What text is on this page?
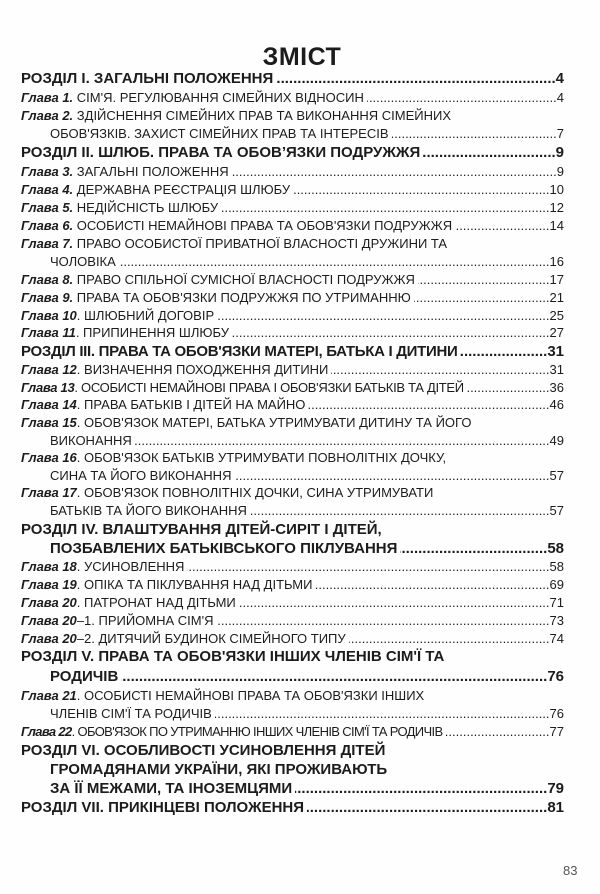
ЗМІСТ
РОЗДІЛ І. ЗАГАЛЬНІ ПОЛОЖЕННЯ .....	4
Глава 1. СІМ'Я. РЕГУЛЮВАННЯ СІМЕЙНИХ ВІДНОСИН .....	4
Глава 2. ЗДІЙСНЕННЯ СІМЕЙНИХ ПРАВ ТА ВИКОНАННЯ СІМЕЙНИХ
ОБОВ'ЯЗКІВ. ЗАХИСТ СІМЕЙНИХ ПРАВ ТА ІНТЕРЕСІВ .....	7
РОЗДІЛ ІІ. ШЛЮБ. ПРАВА ТА ОБОВ’ЯЗКИ ПОДРУЖЖЯ .....	9
Глава 3. ЗАГАЛЬНІ ПОЛОЖЕННЯ .....	9
Глава 4. ДЕРЖАВНА РЕЄСТРАЦІЯ ШЛЮБУ .....	10
Глава 5. НЕДІЙСНІСТЬ ШЛЮБУ .....	12
Глава 6. ОСОБИСТІ НЕМАЙНОВІ ПРАВА ТА ОБОВ'ЯЗКИ ПОДРУЖЖЯ .....	14
Глава 7. ПРАВО ОСОБИСТОЇ ПРИВАТНОЇ ВЛАСНОСТІ ДРУЖИНИ ТА
ЧОЛОВІКА .....	16
Глава 8. ПРАВО СПІЛЬНОЇ СУМІСНОЇ ВЛАСНОСТІ ПОДРУЖЖЯ .....	17
Глава 9. ПРАВА ТА ОБОВ'ЯЗКИ ПОДРУЖЖЯ ПО УТРИМАННЮ .....	21
Глава 10 . ШЛЮБНИЙ ДОГОВІР .....	25
Глава 11 . ПРИПИНЕННЯ ШЛЮБУ .....	27
РОЗДІЛ ІІІ. ПРАВА ТА ОБОВ'ЯЗКИ МАТЕРІ, БАТЬКА І ДИТИНИ .....	31
Глава 12 . ВИЗНАЧЕННЯ ПОХОДЖЕННЯ ДИТИНИ .....	31
Глава 13 . ОСОБИСТІ НЕМАЙНОВІ ПРАВА І ОБОВ'ЯЗКИ БАТЬКІВ ТА ДІТЕЙ .....	36
Глава 14 . ПРАВА БАТЬКІВ І ДІТЕЙ НА МАЙНО .....	46
Глава 15 . ОБОВ'ЯЗОК МАТЕРІ, БАТЬКА УТРИМУВАТИ ДИТИНУ ТА ЙОГО
ВИКОНАННЯ .....	49
Глава 16 . ОБОВ'ЯЗОК БАТЬКІВ УТРИМУВАТИ ПОВНОЛІТНІХ ДОЧКУ,
СИНА ТА ЙОГО ВИКОНАННЯ .....	57
Глава 17 . ОБОВ'ЯЗОК ПОВНОЛІТНІХ ДОЧКИ, СИНА УТРИМУВАТИ
БАТЬКІВ ТА ЙОГО ВИКОНАННЯ .....	57
РОЗДІЛ IV. ВЛАШТУВАННЯ ДІТЕЙ-СИРІТ І ДІТЕЙ,
ПОЗБАВЛЕНИХ БАТЬКІВСЬКОГО ПІКЛУВАННЯ .....	58
Глава 18 . УСИНОВЛЕННЯ .....	58
Глава 19 . ОПІКА ТА ПІКЛУВАННЯ НАД ДІТЬМИ .....	69
Глава 20 . ПАТРОНАТ НАД ДІТЬМИ .....	71
Глава 20 –1. ПРИЙОМНА СІМ'Я .....	73
Глава 20 –2. ДИТЯЧИЙ БУДИНОК СІМЕЙНОГО ТИПУ .....	74
РОЗДІЛ V. ПРАВА ТА ОБОВ'ЯЗКИ ІНШИХ ЧЛЕНІВ СІМ'Ї ТА
РОДИЧІВ .....	76
Глава 21 . ОСОБИСТІ НЕМАЙНОВІ ПРАВА ТА ОБОВ'ЯЗКИ ІНШИХ
ЧЛЕНІВ СІМ'Ї ТА РОДИЧІВ .....	76
Глава 22 . ОБОВ'ЯЗОК ПО УТРИМАННЮ ІНШИХ ЧЛЕНІВ СІМ'Ї ТА РОДИЧІВ .....	77
РОЗДІЛ VI. ОСОБЛИВОСТІ УСИНОВЛЕННЯ ДІТЕЙ
ГРОМАДЯНАМИ УКРАЇНИ, ЯКІ ПРОЖИВАЮТЬ
ЗА ЇЇ МЕЖАМИ, ТА ІНОЗЕМЦЯМИ .....	79
РОЗДІЛ VII. ПРИКІНЦЕВІ ПОЛОЖЕННЯ .....	81
83
